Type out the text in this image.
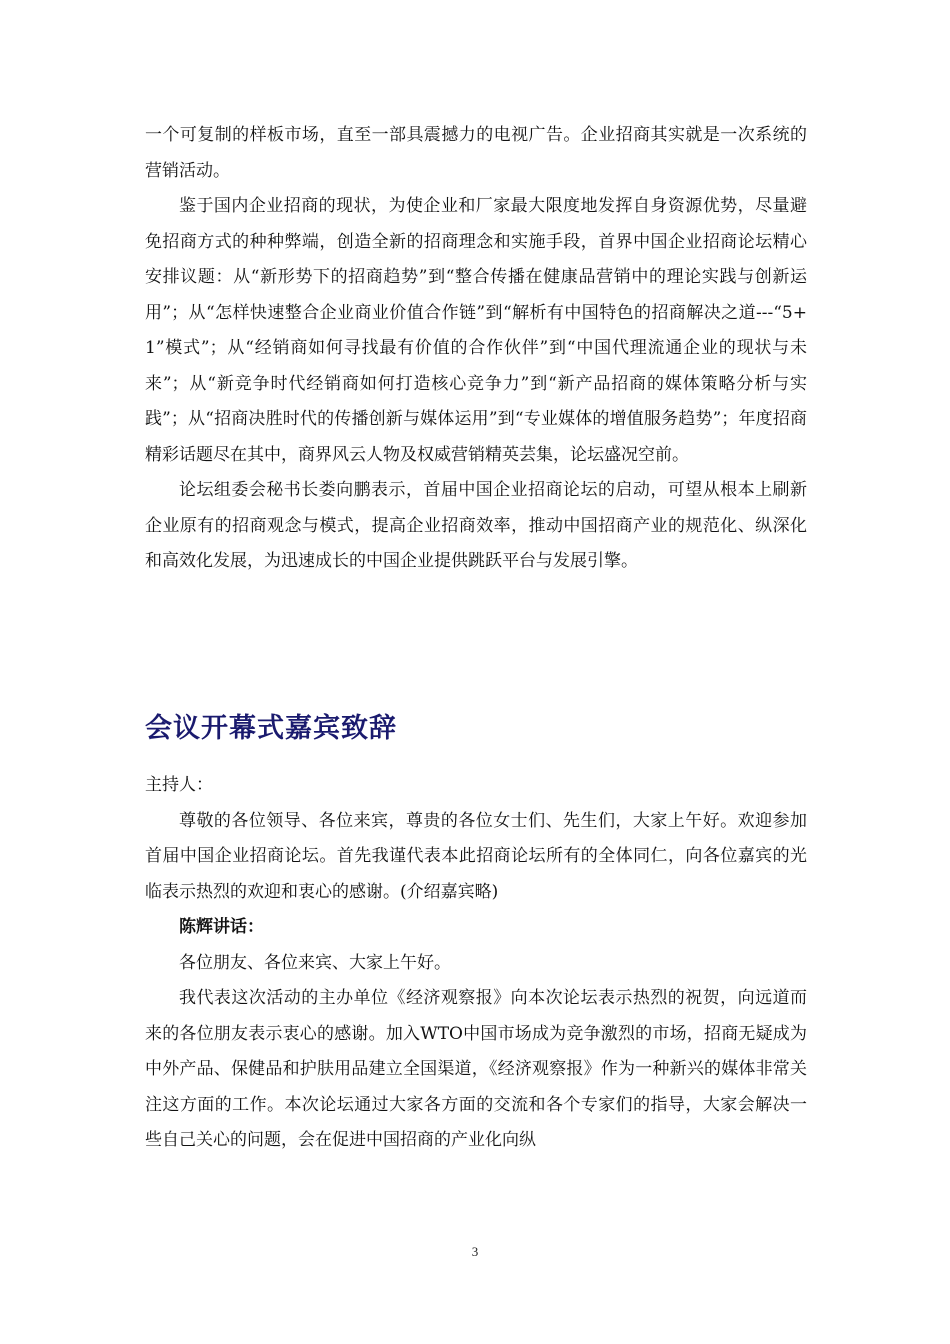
一个可复制的样板市场，直至一部具震撼力的电视广告。企业招商其实就是一次系统的营销活动。

鉴于国内企业招商的现状，为使企业和厂家最大限度地发挥自身资源优势，尽量避免招商方式的种种弊端，创造全新的招商理念和实施手段，首界中国企业招商论坛精心安排议题：从“新形势下的招商趋势”到“整合传播在健康品营销中的理论实践与创新运用”；从“怎样快速整合企业商业价值合作链”到“解析有中国特色的招商解决之道---“5+1”模式”；从“经销商如何寻找最有价值的合作伙伴”到“中国代理流通企业的现状与未来”；从“新竞争时代经销商如何打造核心竞争力”到“新产品招商的媒体策略分析与实践”；从“招商决胜时代的传播创新与媒体运用”到“专业媒体的增值服务趋势”；年度招商精彩话题尽在其中，商界风云人物及权威营销精英芸集，论坛盛况空前。

论坛组委会秘书长娄向鹏表示，首届中国企业招商论坛的启动，可望从根本上刷新企业原有的招商观念与模式，提高企业招商效率，推动中国招商产业的规范化、纵深化和高效化发展，为迅速成长的中国企业提供跳跃平台与发展引擎。

会议开幕式嘉宾致辞

主持人：

尊敬的各位领导、各位来宾，尊贵的各位女士们、先生们，大家上午好。欢迎参加首届中国企业招商论坛。首先我谨代表本此招商论坛所有的全体同仁，向各位嘉宾的光临表示热烈的欢迎和衷心的感谢。(介绍嘉宾略)

陈辉讲话：

各位朋友、各位来宾、大家上午好。

我代表这次活动的主办单位《经济观察报》向本次论坛表示热烈的祝贺，向远道而来的各位朋友表示衷心的感谢。加入WTO中国市场成为竞争激烈的市场，招商无疑成为中外产品、保健品和护肤用品建立全国渠道，《经济观察报》作为一种新兴的媒体非常关注这方面的工作。本次论坛通过大家各方面的交流和各个专家们的指导，大家会解决一些自己关心的问题，会在促进中国招商的产业化向纵

3
